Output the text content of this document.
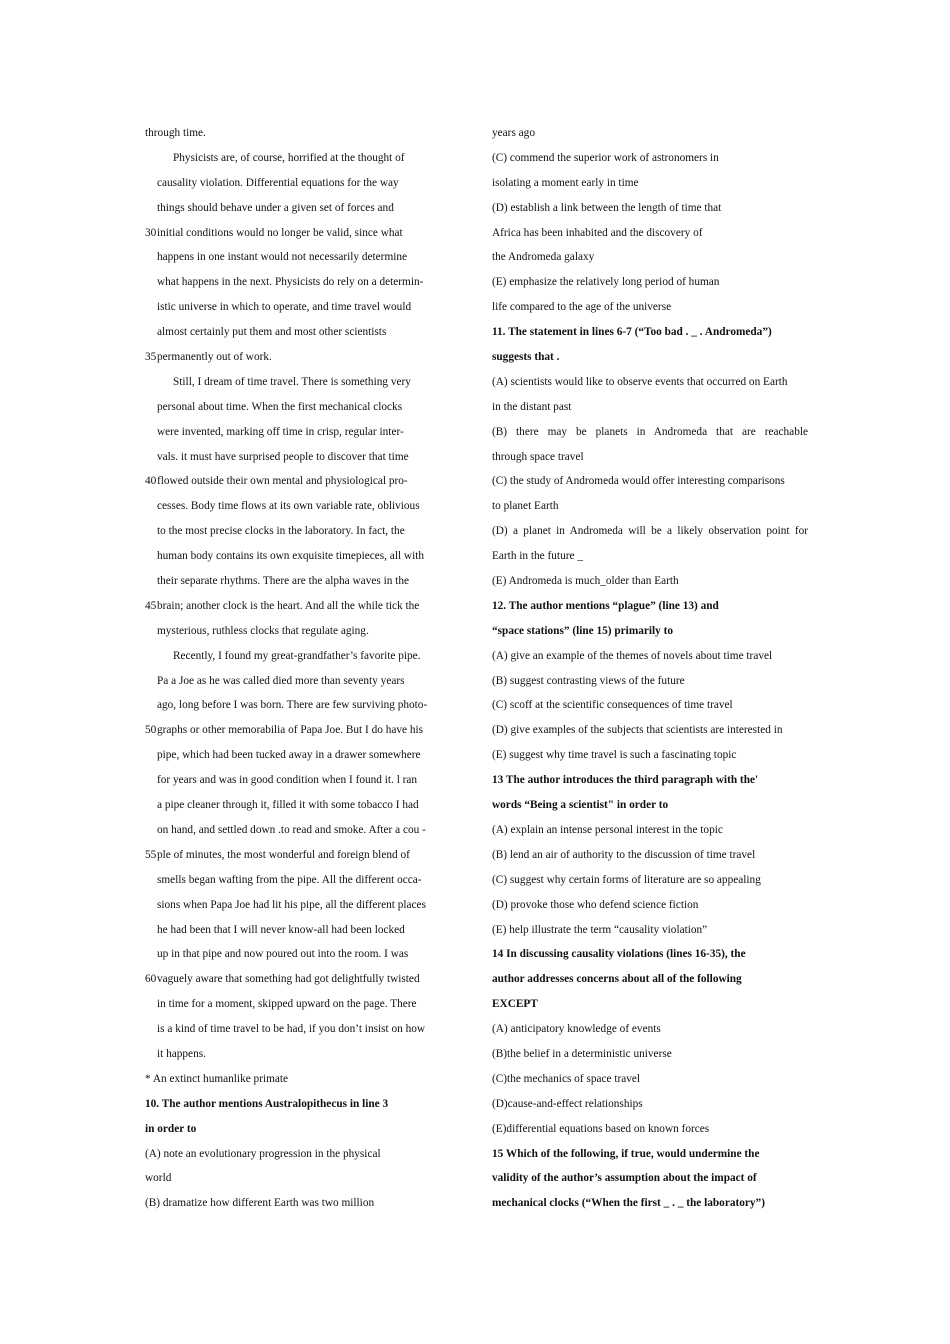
through time.
Physicists are, of course, horrified at the thought of
causality violation. Differential equations for the way
things should behave under a given set of forces and
30initial conditions would no longer be valid, since what
happens in one instant would not necessarily determine
what happens in the next. Physicists do rely on a determin-
istic universe in which to operate, and time travel would
almost certainly put them and most other scientists
35permanently out of work.
Still, I dream of time travel. There is something very
personal about time. When the first mechanical clocks
were invented, marking off time in crisp, regular inter-
vals. it must have surprised people to discover that time
40flowed outside their own mental and physiological pro-
cesses. Body time flows at its own variable rate, oblivious
to the most precise clocks in the laboratory. In fact, the
human body contains its own exquisite timepieces, all with
their separate rhythms. There are the alpha waves in the
45brain; another clock is the heart. And all the while tick the
mysterious, ruthless clocks that regulate aging.
Recently, I found my great-grandfather’s favorite pipe.
Pa a Joe as he was called died more than seventy years
ago, long before I was born. There are few surviving photo-
50graphs or other memorabilia of Papa Joe. But I do have his
pipe, which had been tucked away in a drawer somewhere
for years and was in good condition when I found it. l ran
a pipe cleaner through it, filled it with some tobacco I had
on hand, and settled down .to read and smoke. After a cou -
55ple of minutes, the most wonderful and foreign blend of
smells began wafting from the pipe. All the different occa-
sions when Papa Joe had lit his pipe, all the different places
he had been that I will never know-all had been locked
up in that pipe and now poured out into the room. I was
60vaguely aware that something had got delightfully twisted
in time for a moment, skipped upward on the page. There
is a kind of time travel to be had, if you don’t insist on how
it happens.
* An extinct humanlike primate
10. The author mentions Australopithecus in line 3
in order to
(A) note an evolutionary progression in the physical
world
(B) dramatize how different Earth was two million
years ago
(C) commend the superior work of astronomers in
isolating a moment early in time
(D) establish a link between the length of time that
Africa has been inhabited and the discovery of
the Andromeda galaxy
(E) emphasize the relatively long period of human
life compared to the age of the universe
11. The statement in lines 6-7 (“Too bad . _ . Andromeda”)
suggests that .
(A) scientists would like to observe events that occurred on Earth
in the distant past
(B) there may be planets in Andromeda that are reachable
through space travel
(C) the study of Andromeda would offer interesting comparisons
to planet Earth
(D) a planet in Andromeda will be a likely observation point for
Earth in the future _
(E) Andromeda is much_older than Earth
12. The author mentions “plague” (line 13) and
“space stations” (line 15) primarily to
(A) give an example of the themes of novels about time travel
(B) suggest contrasting views of the future
(C) scoff at the scientific consequences of time travel
(D) give examples of the subjects that scientists are interested in
(E) suggest why time travel is such a fascinating topic
13 The author introduces the third paragraph with the'
words “Being a scientist" in order to
(A) explain an intense personal interest in the topic
(B) lend an air of authority to the discussion of time travel
(C) suggest why certain forms of literature are so appealing
(D) provoke those who defend science fiction
(E) help illustrate the term “causality violation”
14 In discussing causality violations (lines 16-35), the
author addresses concerns about all of the following
EXCEPT
(A) anticipatory knowledge of events
(B)the belief in a deterministic universe
(C)the mechanics of space travel
(D)cause-and-effect relationships
(E)differential equations based on known forces
15 Which of the following, if true, would undermine the
validity of the author’s assumption about the impact of
mechanical clocks (“When the first _ . _ the laboratory”)
